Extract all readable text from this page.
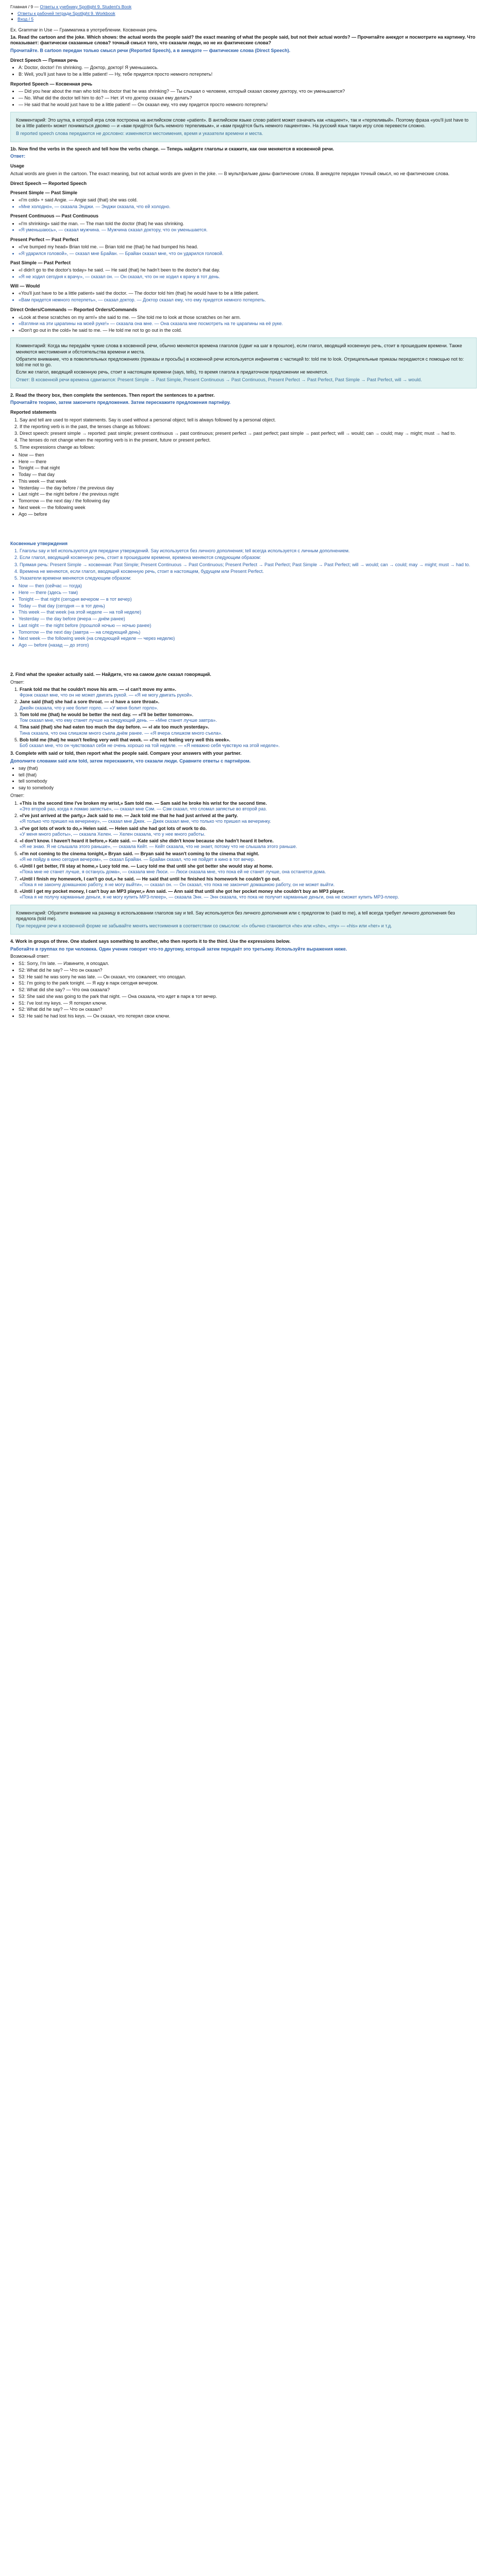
Главная / 9 — Ответы к учебнику Spotlight 9. Student's Book
• Ответы к рабочей тетради Spotlight 9. Workbook
• Вход / 5

Ex. Grammar in Use — Грамматика в употреблении. Косвенная речь

1a. Read the cartoon and the joke. Which shows: the actual words the people said? the exact meaning of what the people said, but not their actual words? — Прочитайте анекдот и посмотрите на картинку. Что показывает: фактически сказанные слова? точный смысл того, что сказали люди, но не их фактические слова?

Прочитайте. В cartoon передан только смысл речи (Reported Speech), а в анекдоте — фактические слова (Direct Speech).

Direct Speech — Прямая речь
• A: Doctor, doctor! I'm shrinking. — Доктор, доктор! Я уменьшаюсь.
• B: Well, you'll just have to be a little patient! — Ну, тебе придется просто немного потерпеть!
Reported Speech — Косвенная речь
• — Did you hear about the man who told his doctor that he was shrinking? — Ты слышал о человеке, который сказал своему доктору, что он уменьшается?
• — No. What did the doctor tell him to do? — Нет. И что доктор сказал ему делать?
• — He said that he would just have to be a little patient! — Он сказал ему, что ему придется просто немного потерпеть!

Комментарий: Это шутка, в которой игра слов построена на английском слове «patient». В английском языке слово patient может означать как «пациент», так и «терпеливый». Поэтому фраза «you'll just have to be a little patient» может пониматься двояко — и «вам придётся быть немного терпеливым», и «вам придётся быть немного пациентом». На русский язык такую игру слов перевести сложно.

В reported speech слова передаются не дословно: изменяются местоимения, время и указатели времени и места.

1b. Now find the verbs in the speech and tell how the verbs change. — Теперь найдите глаголы и скажите, как они меняются в косвенной речи.

Ответ:

Usage

Actual words are given in the cartoon. The exact meaning, but not actual words are given in the joke. — В мультфильме даны фактические слова. В анекдоте передан точный смысл, но не фактические слова.

Direct Speech — Reported Speech
Present Simple — Past Simple
• «I'm cold» + said Angie. — Angie said (that) she was cold.
• «Мне холодно», — сказала Энджи. — Энджи сказала, что ей холодно.
Present Continuous — Past Continuous
• «I'm shrinking» said the man. — The man told the doctor (that) he was shrinking.
• «Я уменьшаюсь», — сказал мужчина. — Мужчина сказал доктору, что он уменьшается.
Present Perfect — Past Perfect
• «I've bumped my head» Brian told me. — Brian told me (that) he had bumped his head.
• «Я ударился головой», — сказал мне Брайан. — Брайан сказал мне, что он ударился головой.
Past Simple — Past Perfect
• «I didn't go to the doctor's today» he said. — He said (that) he hadn't been to the doctor's that day.
• «Я не ходил сегодня к врачу», — сказал он. — Он сказал, что он не ходил к врачу в тот день.
Will — Would
• «You'll just have to be a little patient» said the doctor. — The doctor told him (that) he would have to be a little patient.
• «Вам придется немного потерпеть», — сказал доктор. — Доктор сказал ему, что ему придется немного потерпеть.
Direct Orders/Commands — Reported Orders/Commands
• «Look at these scratches on my arm!» she said to me. — She told me to look at those scratches on her arm.
• «Взгляни на эти царапины на моей руке!» — сказала она мне. — Она сказала мне посмотреть на те царапины на её руке.
• «Don't go out in the cold» he said to me. — He told me not to go out in the cold.

Комментарий: Когда мы передаём чужие слова в косвенной речи, обычно меняются времена глаголов (сдвиг на шаг в прошлое), если глагол, вводящий косвенную речь, стоит в прошедшем времени. Также меняются местоимения и обстоятельства времени и места.

Обратите внимание, что в повелительных предложениях (приказы и просьбы) в косвенной речи используется инфинитив с частицей to: told me to look. Отрицательные приказы передаются с помощью not to: told me not to go.

Если же глагол, вводящий косвенную речь, стоит в настоящем времени (says, tells), то время глагола в придаточном предложении не меняется.

Ответ: В косвенной речи времена сдвигаются: Present Simple → Past Simple, Present Continuous → Past Continuous, Present Perfect → Past Perfect, Past Simple → Past Perfect, will → would.

2. Read the theory box, then complete the sentences. Then report the sentences to a partner.

Прочитайте теорию, затем закончите предложения. Затем перескажите предложения партнёру.

Reported statements
1. Say and tell are used to report statements. Say is used without a personal object; tell is always followed by a personal object.
2. If the reporting verb is in the past, the tenses change as follows:
3. Direct speech: present simple → reported: past simple; present continuous → past continuous; present perfect → past perfect; past simple → past perfect; will → would; can → could; may → might; must → had to.
4. The tenses do not change when the reporting verb is in the present, future or present perfect.
5. Time expressions change as follows:
• Now — then
• Here — there
• Tonight — that night
• Today — that day
• This week — that week
• Yesterday — the day before / the previous day
• Last night — the night before / the previous night
• Tomorrow — the next day / the following day
• Next week — the following week
• Ago — before
Косвенные утверждения
1. Глаголы say и tell используются для передачи утверждений. Say используется без личного дополнения; tell всегда используется с личным дополнением.
2. Если глагол, вводящий косвенную речь, стоит в прошедшем времени, времена меняются следующим образом:
3. Прямая речь: Present Simple → косвенная: Past Simple; Present Continuous → Past Continuous; Present Perfect → Past Perfect; Past Simple → Past Perfect; will → would; can → could; may → might; must → had to.
4. Времена не меняются, если глагол, вводящий косвенную речь, стоит в настоящем, будущем или Present Perfect.
5. Указатели времени меняются следующим образом:
• Now — then (сейчас — тогда)
• Here — there (здесь — там)
• Tonight — that night (сегодня вечером — в тот вечер)
• Today — that day (сегодня — в тот день)
• This week — that week (на этой неделе — на той неделе)
• Yesterday — the day before (вчера — днём ранее)
• Last night — the night before (прошлой ночью — ночью ранее)
• Tomorrow — the next day (завтра — на следующий день)
• Next week — the following week (на следующей неделе — через неделю)
• Ago — before (назад — до этого)
2. Find what the speaker actually said. — Найдите, что на самом деле сказал говорящий.

Ответ:

1. Frank told me that he couldn't move his arm. — «I can't move my arm».
Фрэнк сказал мне, что он не может двигать рукой. — «Я не могу двигать рукой».
2. Jane said (that) she had a sore throat. — «I have a sore throat».
Джейн сказала, что у нее болит горло. — «У меня болит горло».
3. Tom told me (that) he would be better the next day. — «I'll be better tomorrow».
Том сказал мне, что ему станет лучше на следующий день. — «Мне станет лучше завтра».
4. Tina said (that) she had eaten too much the day before. — «I ate too much yesterday».
Тина сказала, что она слишком много съела днём ранее. — «Я вчера слишком много съела».
5. Bob told me (that) he wasn't feeling very well that week. — «I'm not feeling very well this week».
Боб сказал мне, что он чувствовал себя не очень хорошо на той неделе. — «Я неважно себя чувствую на этой неделе».

3. Complete with said or told, then report what the people said. Compare your answers with your partner.

Дополните словами said или told, затем перескажите, что сказали люди. Сравните ответы с партнёром.

• say (that)
• tell (that)
• tell somebody
• say to somebody

Ответ:

1. «This is the second time I've broken my wrist,» Sam told me. — Sam said he broke his wrist for the second time.
«Это второй раз, когда я ломаю запястье», — сказал мне Сэм. — Сэм сказал, что сломал запястье во второй раз.
2. «I've just arrived at the party,» Jack said to me. — Jack told me that he had just arrived at the party.
«Я только что пришел на вечеринку», — сказал мне Джек. — Джек сказал мне, что только что пришел на вечеринку.
3. «I've got lots of work to do,» Helen said. — Helen said she had got lots of work to do.
«У меня много работы», — сказала Хелен. — Хелен сказала, что у нее много работы.
4. «I don't know. I haven't heard it before,» Kate said. — Kate said she didn't know because she hadn't heard it before.
«Я не знаю. Я не слышала этого раньше», — сказала Кейт. — Кейт сказала, что не знает, потому что не слышала этого раньше.
5. «I'm not coming to the cinema tonight,» Bryan said. — Bryan said he wasn't coming to the cinema that night.
«Я не пойду в кино сегодня вечером», — сказал Брайан. — Брайан сказал, что не пойдет в кино в тот вечер.
6. «Until I get better, I'll stay at home,» Lucy told me. — Lucy told me that until she got better she would stay at home.
«Пока мне не станет лучше, я останусь дома», — сказала мне Люси. — Люси сказала мне, что пока ей не станет лучше, она останется дома.
7. «Until I finish my homework, I can't go out,» he said. — He said that until he finished his homework he couldn't go out.
«Пока я не закончу домашнюю работу, я не могу выйти», — сказал он. — Он сказал, что пока не закончит домашнюю работу, он не может выйти.
8. «Until I get my pocket money, I can't buy an MP3 player,» Ann said. — Ann said that until she got her pocket money she couldn't buy an MP3 player.
«Пока я не получу карманные деньги, я не могу купить MP3-плеер», — сказала Энн. — Энн сказала, что пока не получит карманные деньги, она не сможет купить MP3-плеер.

Комментарий: Обратите внимание на разницу в использовании глаголов say и tell. Say используется без личного дополнения или с предлогом to (said to me), а tell всегда требует личного дополнения без предлога (told me).

При передаче речи в косвенной форме не забывайте менять местоимения в соответствии со смыслом: «I» обычно становится «he» или «she», «my» — «his» или «her» и т.д.

4. Work in groups of three. One student says something to another, who then reports it to the third. Use the expressions below.

Работайте в группах по три человека. Один ученик говорит что-то другому, который затем передаёт это третьему. Используйте выражения ниже.

Возможный ответ:

• S1: Sorry, I'm late. — Извините, я опоздал.
• S2: What did he say? — Что он сказал?
• S3: He said he was sorry he was late. — Он сказал, что сожалеет, что опоздал.
• S1: I'm going to the park tonight. — Я иду в парк сегодня вечером.
• S2: What did she say? — Что она сказала?
• S3: She said she was going to the park that night. — Она сказала, что идет в парк в тот вечер.
• S1: I've lost my keys. — Я потерял ключи.
• S2: What did he say? — Что он сказал?
• S3: He said he had lost his keys. — Он сказал, что потерял свои ключи.
